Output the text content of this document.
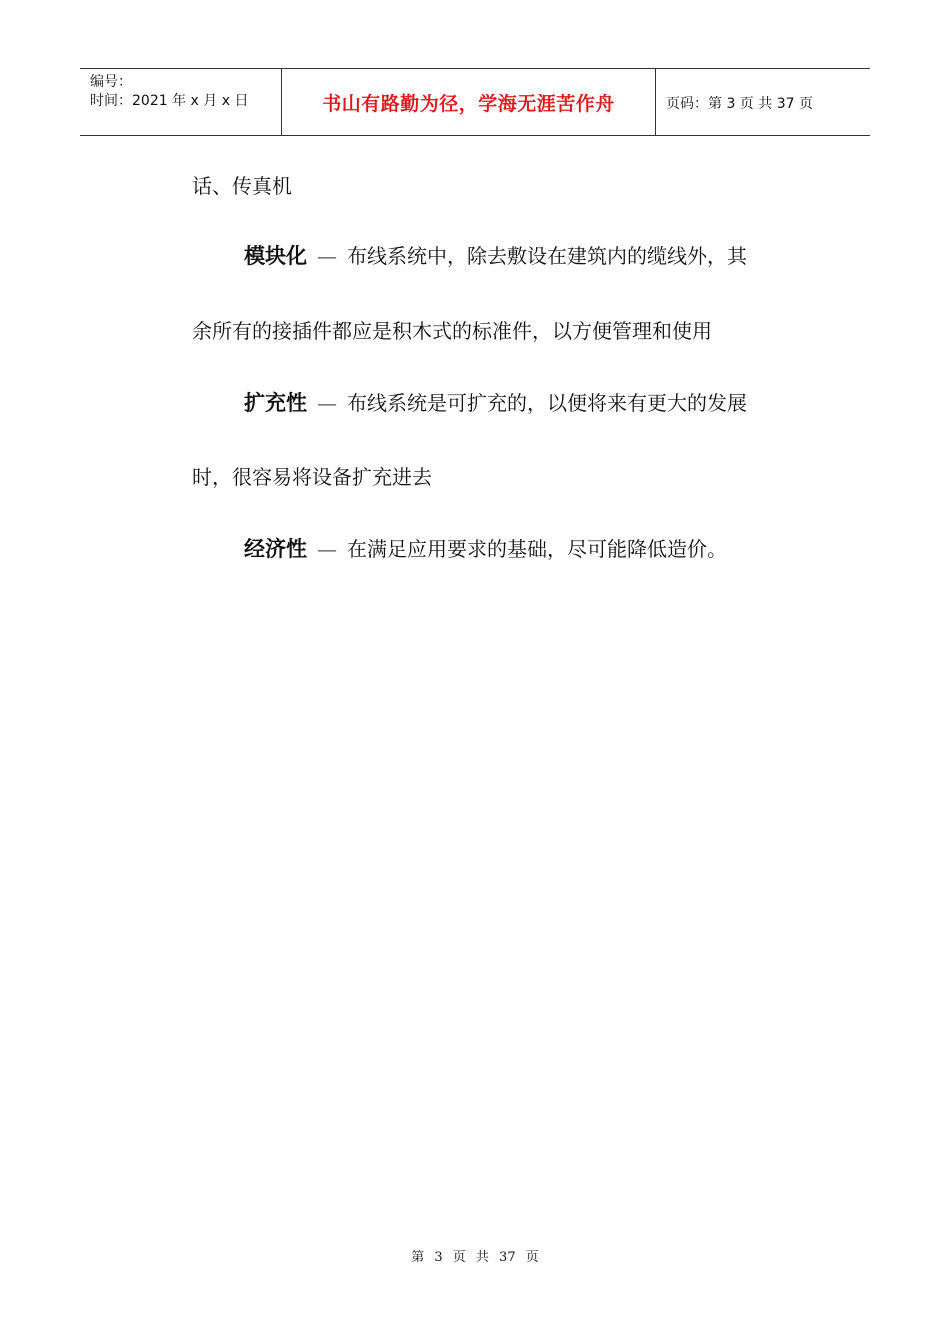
编号：
时间：2021 年 x 月 x 日	书山有路勤为径，学海无涯苦作舟	页码：第 3 页 共 37 页
话、传真机
模块化 — 布线系统中，除去敷设在建筑内的缆线外，其
余所有的接插件都应是积木式的标准件，以方便管理和使用
扩充性 — 布线系统是可扩充的，以便将来有更大的发展
时，很容易将设备扩充进去
经济性 — 在满足应用要求的基础，尽可能降低造价。
第 3 页 共 37 页
